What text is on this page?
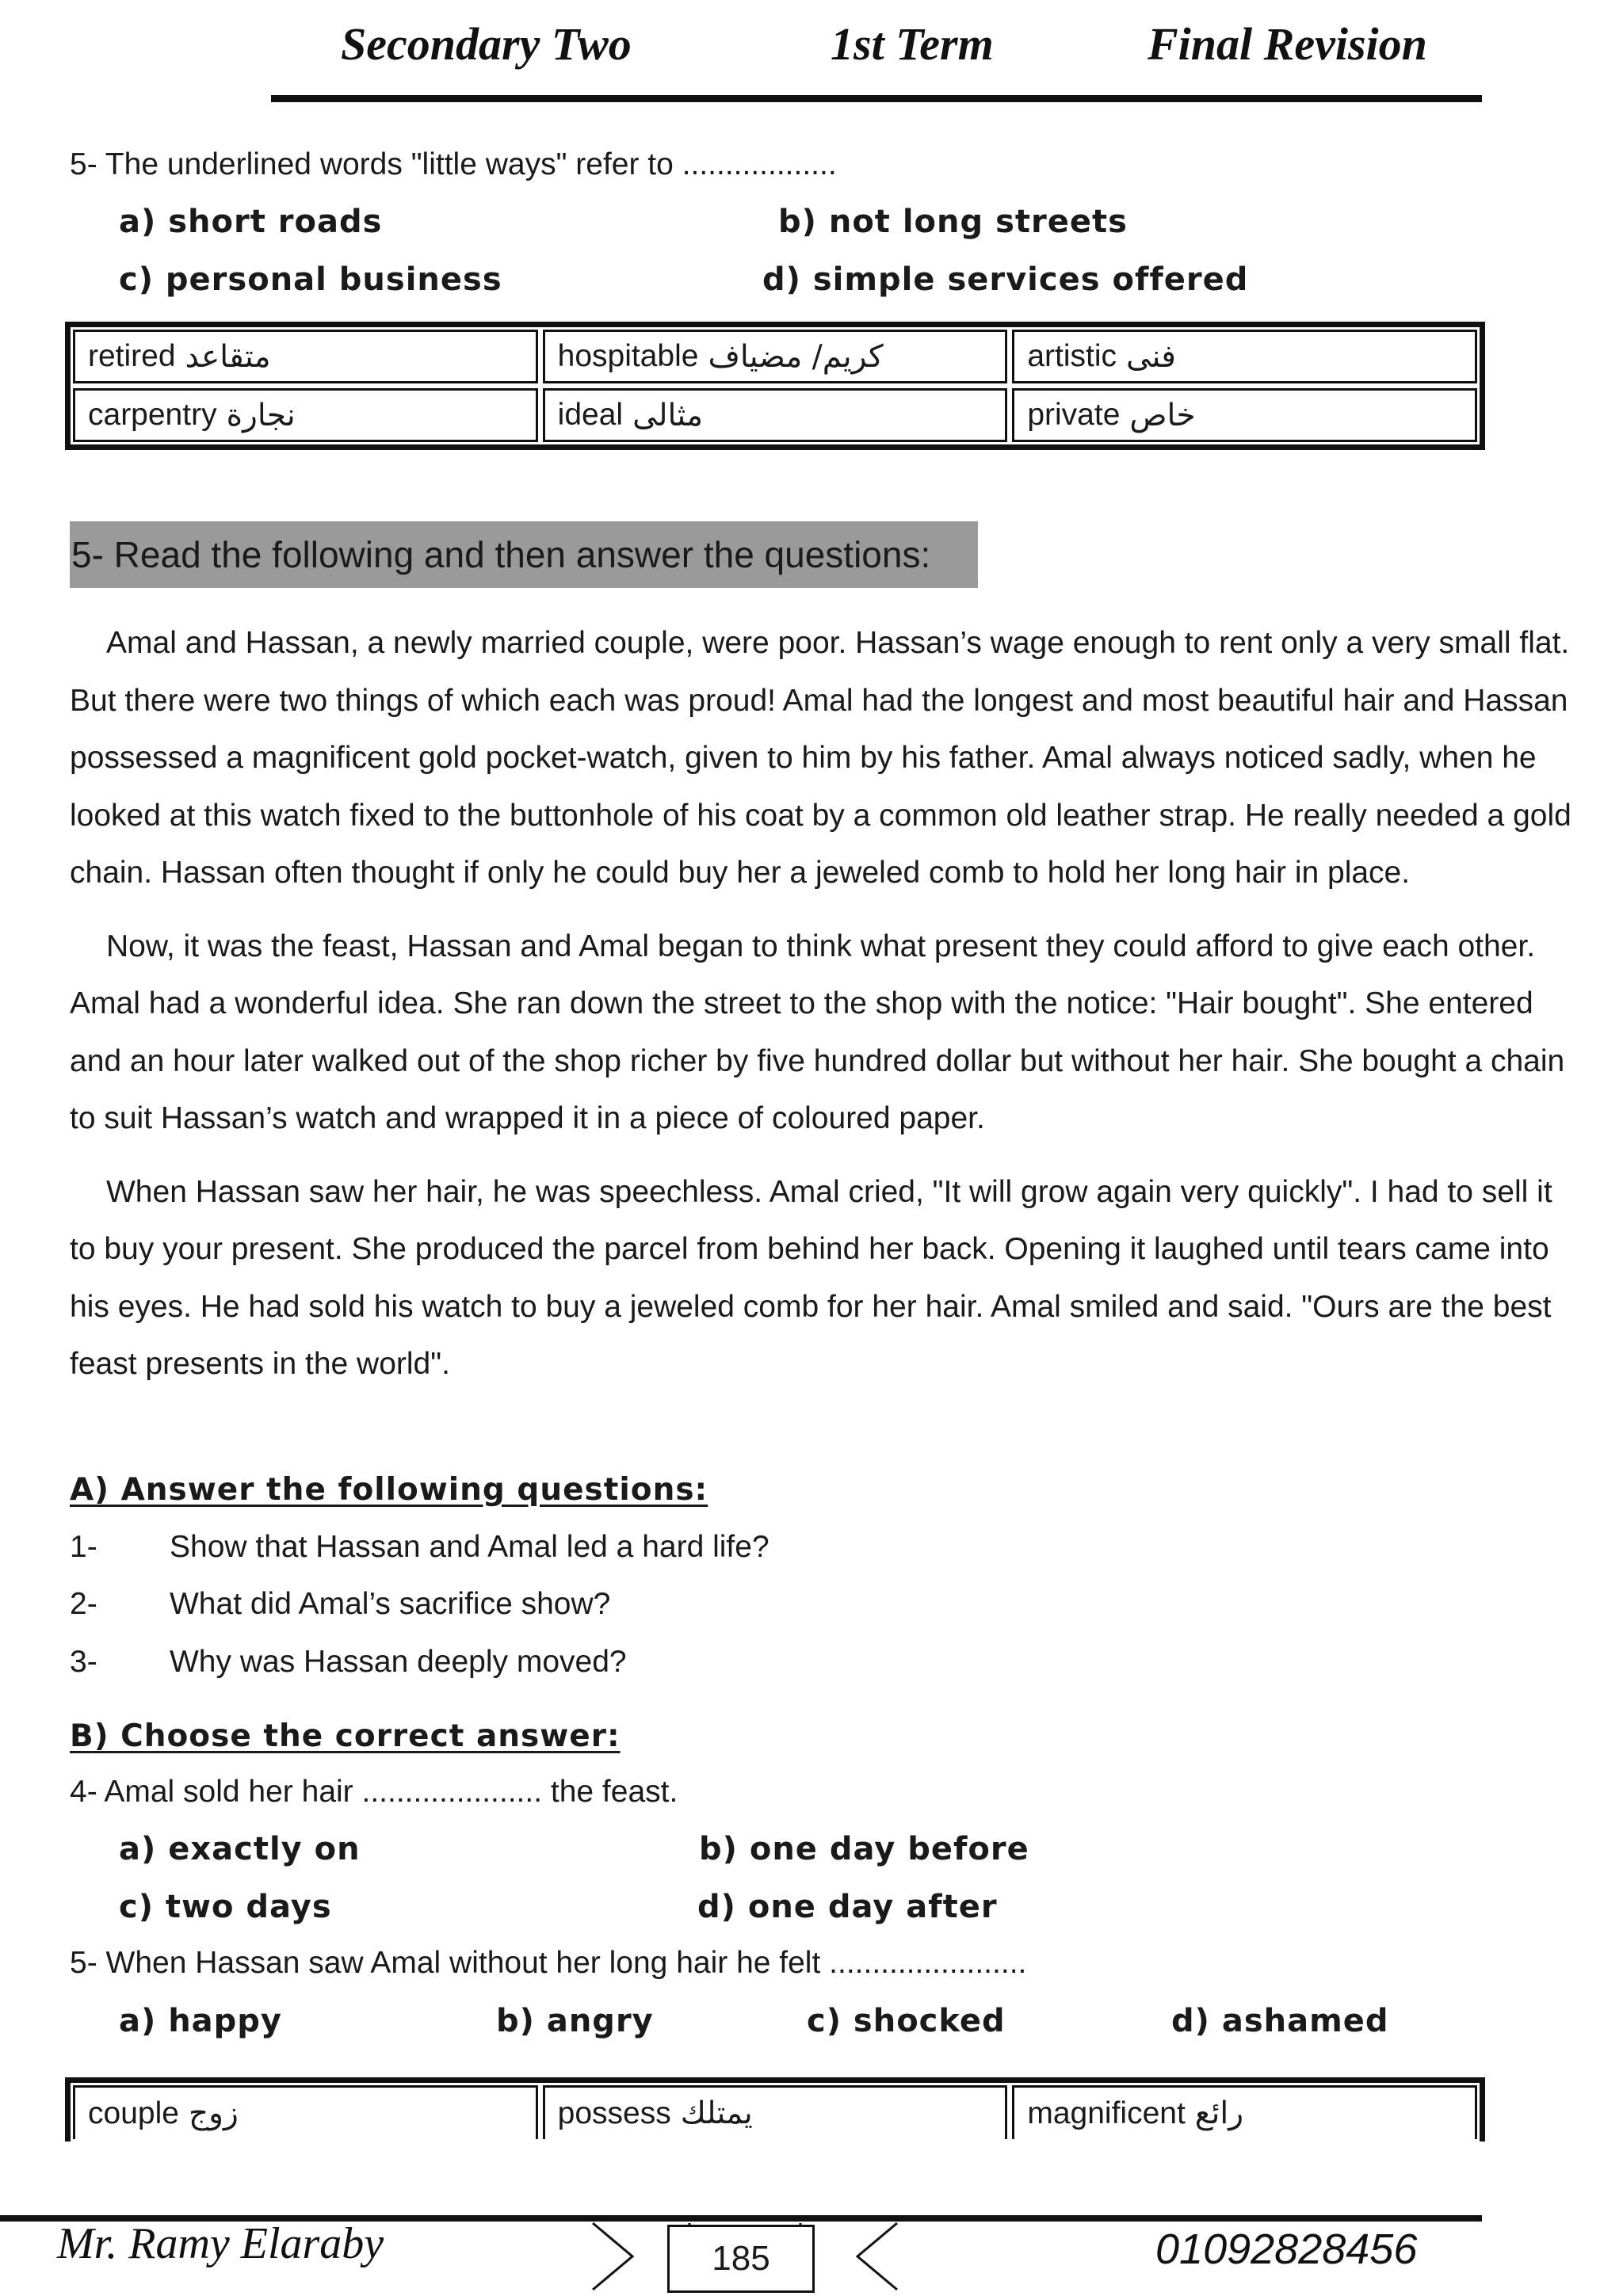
Secondary Two	1st Term	Final Revision
5- The underlined words "little ways" refer to ..................
a) short roads	b) not long streets
c) personal business	d) simple services offered
retired متقاعد	hospitable كريم/ مضياف	artistic فنى
carpentry نجارة	ideal مثالى	private خاص
5- Read the following and then answer the questions:

Amal and Hassan, a newly married couple, were poor. Hassan’s wage enough to rent only a very small flat. But there were two things of which each was proud! Amal had the longest and most beautiful hair and Hassan possessed a magnificent gold pocket-watch, given to him by his father. Amal always noticed sadly, when he looked at this watch fixed to the buttonhole of his coat by a common old leather strap. He really needed a gold chain. Hassan often thought if only he could buy her a jeweled comb to hold her long hair in place.

Now, it was the feast, Hassan and Amal began to think what present they could afford to give each other. Amal had a wonderful idea. She ran down the street to the shop with the notice: "Hair bought". She entered and an hour later walked out of the shop richer by five hundred dollar but without her hair. She bought a chain to suit Hassan’s watch and wrapped it in a piece of coloured paper.

When Hassan saw her hair, he was speechless. Amal cried, "It will grow again very quickly". I had to sell it to buy your present. She produced the parcel from behind her back. Opening it laughed until tears came into his eyes. He had sold his watch to buy a jeweled comb for her hair. Amal smiled and said. "Ours are the best feast presents in the world".

A) Answer the following questions:
1- Show that Hassan and Amal led a hard life?
2- What did Amal’s sacrifice show?
3- Why was Hassan deeply moved?
B) Choose the correct answer:
4- Amal sold her hair ..................... the feast.
a) exactly on	b) one day before
c) two days	d) one day after
5- When Hassan saw Amal without her long hair he felt .......................
a) happy	b) angry	c) shocked	d) ashamed
couple زوج	possess يمتلك	magnificent رائع
185
Mr. Ramy Elaraby	01092828456
